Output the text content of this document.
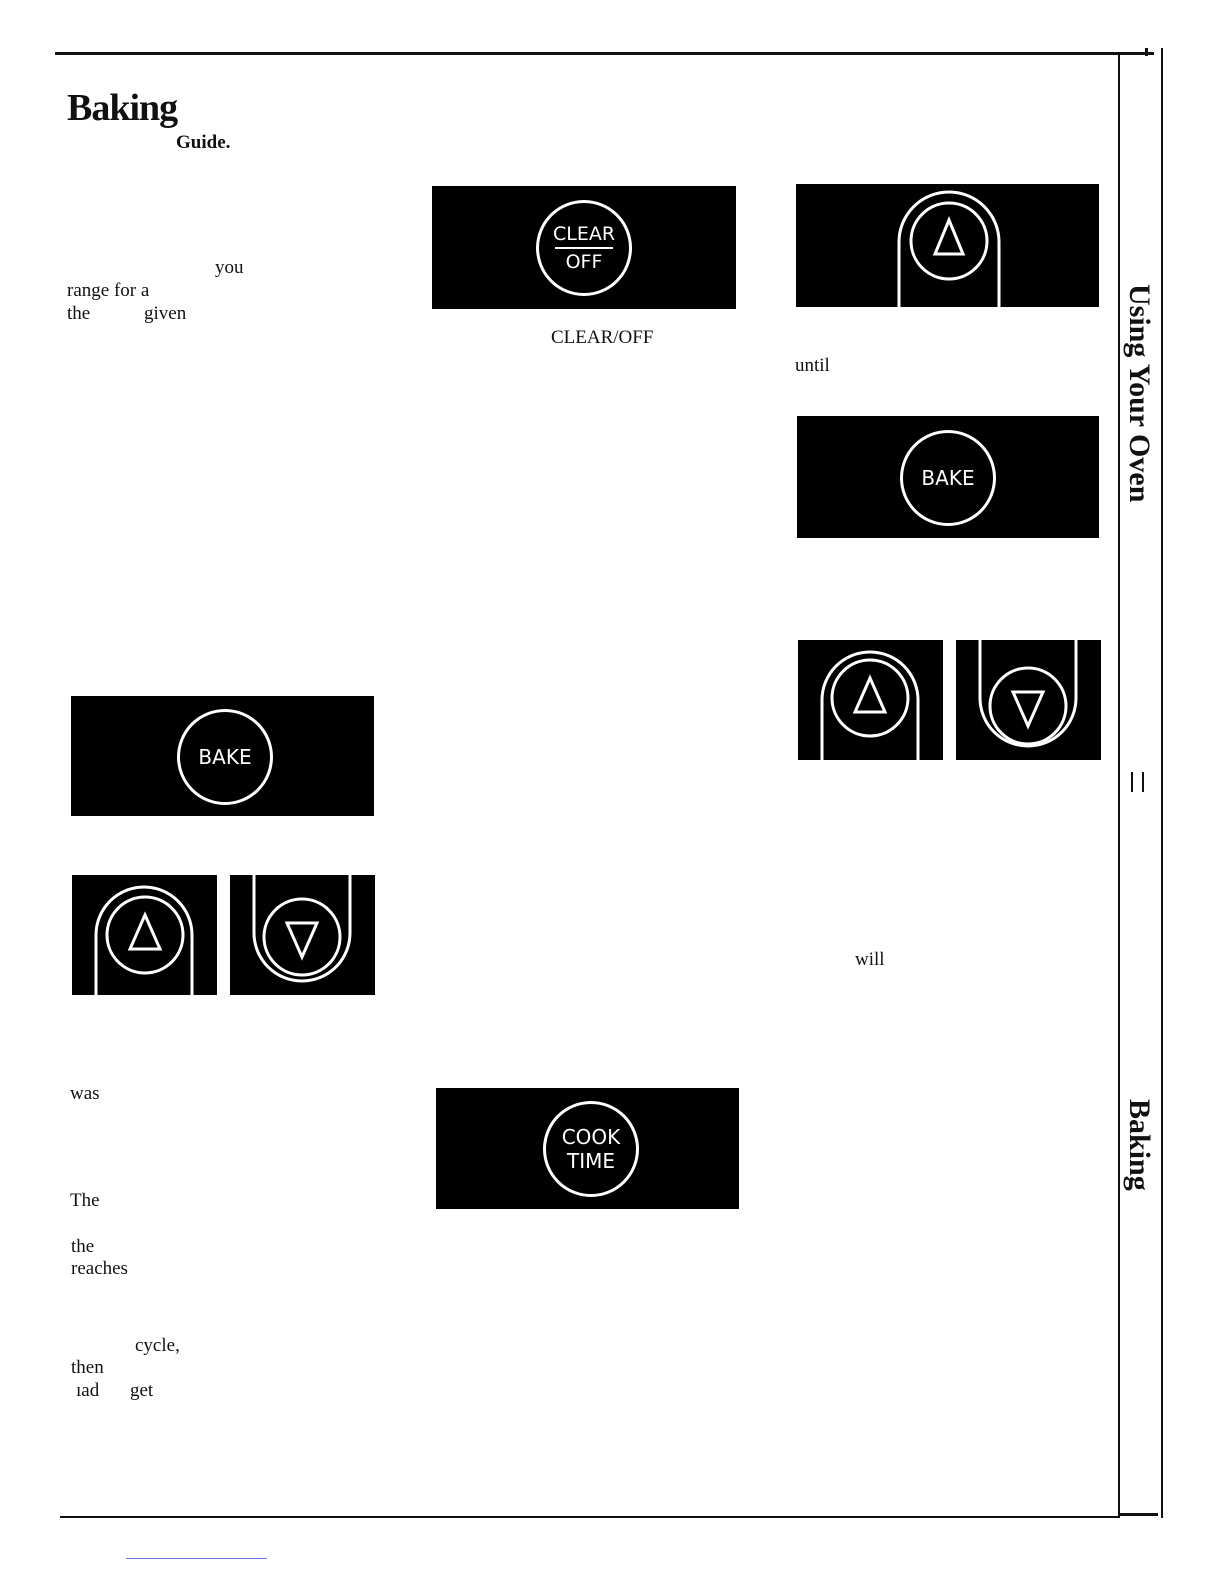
Using Your Oven
Baking
Baking
Guide.
you
range for a
the	given
was
The
the
reaches
cycle,
then
ıad get
CLEAR
OFF
CLEAR/OFF
COOK
TIME
BAKE
until
BAKE
will
